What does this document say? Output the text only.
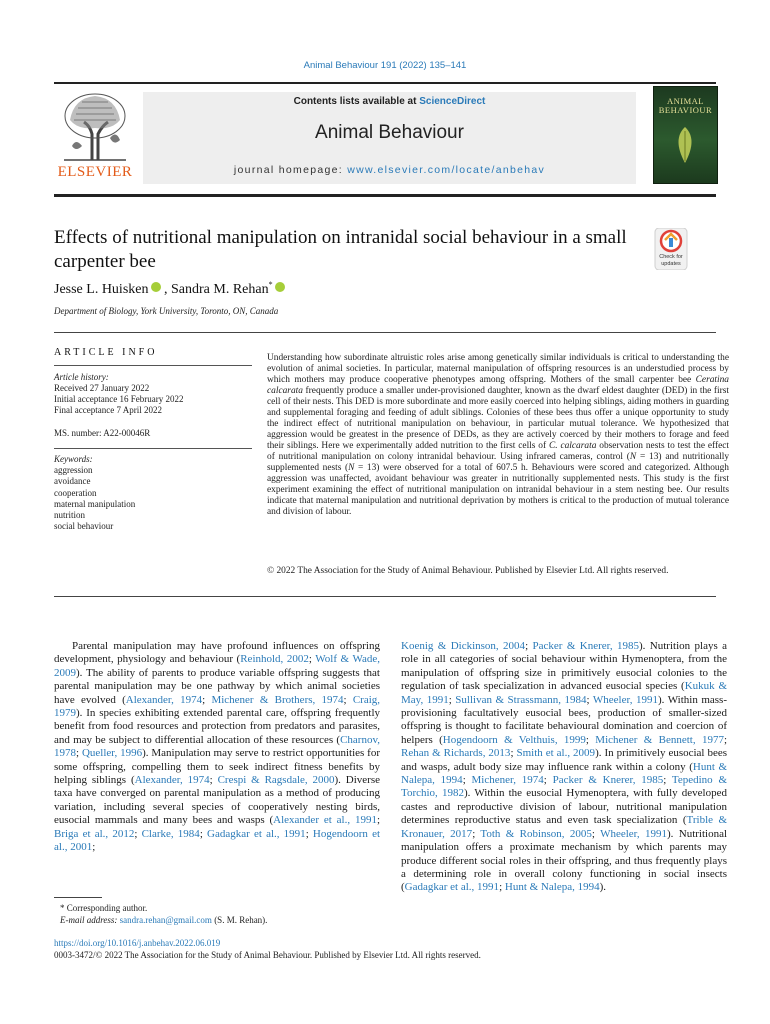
Animal Behaviour 191 (2022) 135–141
ELSEVIER
Contents lists available at ScienceDirect
Animal Behaviour
journal homepage: www.elsevier.com/locate/anbehav
ANIMAL
BEHAVIOUR
Effects of nutritional manipulation on intranidal social behaviour in a small carpenter bee	Check for
updates
Jesse L. Huisken , Sandra M. Rehan*
Department of Biology, York University, Toronto, ON, Canada
ARTICLE INFO
Article history:
Received 27 January 2022
Initial acceptance 16 February 2022
Final acceptance 7 April 2022
MS. number: A22-00046R
Keywords:
aggression
avoidance
cooperation
maternal manipulation
nutrition
social behaviour
Understanding how subordinate altruistic roles arise among genetically similar individuals is critical to understanding the evolution of animal societies. In particular, maternal manipulation of offspring resources is an understudied process by which mothers may produce cooperative phenotypes among offspring. Mothers of the small carpenter bee Ceratina calcarata frequently produce a smaller under-provisioned daughter, known as the dwarf eldest daughter (DED) in the first cell of their nests. This DED is more subordinate and more easily coerced into helping siblings, aiding mothers in guarding and supplemental foraging and feeding of adult siblings. Colonies of these bees thus offer a unique opportunity to study the indirect effect of nutritional manipulation on behaviour, in particular mutual tolerance. We hypothesized that aggression would be greatest in the presence of DEDs, as they are actively coerced by their mothers to forage and feed their siblings. Here we experimentally added nutrition to the first cells of C. calcarata observation nests to test the effect of nutritional manipulation on colony intranidal behaviour. Using infrared cameras, control (N = 13) and nutritionally supplemented nests (N = 13) were observed for a total of 607.5 h. Behaviours were scored and categorized. Although aggression was unaffected, avoidant behaviour was greater in nutritionally supplemented nests. This study is the first experiment examining the effect of nutritional manipulation on intranidal behaviour in a stem nesting bee. Our results indicate that maternal manipulation and nutritional deprivation by mothers is critical to the production of mutual tolerance and division of labour.
© 2022 The Association for the Study of Animal Behaviour. Published by Elsevier Ltd. All rights reserved.
Parental manipulation may have profound influences on offspring development, physiology and behaviour (Reinhold, 2002; Wolf & Wade, 2009). The ability of parents to produce variable offspring suggests that parental manipulation may be one pathway by which animal societies have evolved (Alexander, 1974; Michener & Brothers, 1974; Craig, 1979). In species exhibiting extended parental care, offspring frequently benefit from food resources and protection from predators and parasites, and may be subject to differential allocation of these resources (Charnov, 1978; Queller, 1996). Manipulation may serve to restrict opportunities for some offspring, compelling them to seek indirect fitness benefits by helping siblings (Alexander, 1974; Crespi & Ragsdale, 2000). Diverse taxa have converged on parental manipulation as a method of producing variation, including several species of cooperatively nesting birds, eusocial mammals and many bees and wasps (Alexander et al., 1991; Briga et al., 2012; Clarke, 1984; Gadagkar et al., 1991; Hogendoorn et al., 2001;
Koenig & Dickinson, 2004; Packer & Knerer, 1985). Nutrition plays a role in all categories of social behaviour within Hymenoptera, from the manipulation of offspring size in primitively eusocial colonies to the regulation of task specialization in advanced eusocial species (Kukuk & May, 1991; Sullivan & Strassmann, 1984; Wheeler, 1991). Within mass-provisioning facultatively eusocial bees, production of smaller-sized offspring is thought to facilitate behavioural domination and coercion of helpers (Hogendoorn & Velthuis, 1999; Michener & Bennett, 1977; Rehan & Richards, 2013; Smith et al., 2009). In primitively eusocial bees and wasps, adult body size may influence rank within a colony (Hunt & Nalepa, 1994; Michener, 1974; Packer & Knerer, 1985; Tepedino & Torchio, 1982). Within the eusocial Hymenoptera, with fully developed castes and reproductive division of labour, nutritional manipulation determines reproductive status and even task specialization (Trible & Kronauer, 2017; Toth & Robinson, 2005; Wheeler, 1991). Nutritional manipulation offers a proximate mechanism by which parents may produce different social roles in their offspring, and thus frequently plays a determining role in overall colony functioning in social insects (Gadagkar et al., 1991; Hunt & Nalepa, 1994).
* Corresponding author.
E-mail address: sandra.rehan@gmail.com (S. M. Rehan).
https://doi.org/10.1016/j.anbehav.2022.06.019
0003-3472/© 2022 The Association for the Study of Animal Behaviour. Published by Elsevier Ltd. All rights reserved.
